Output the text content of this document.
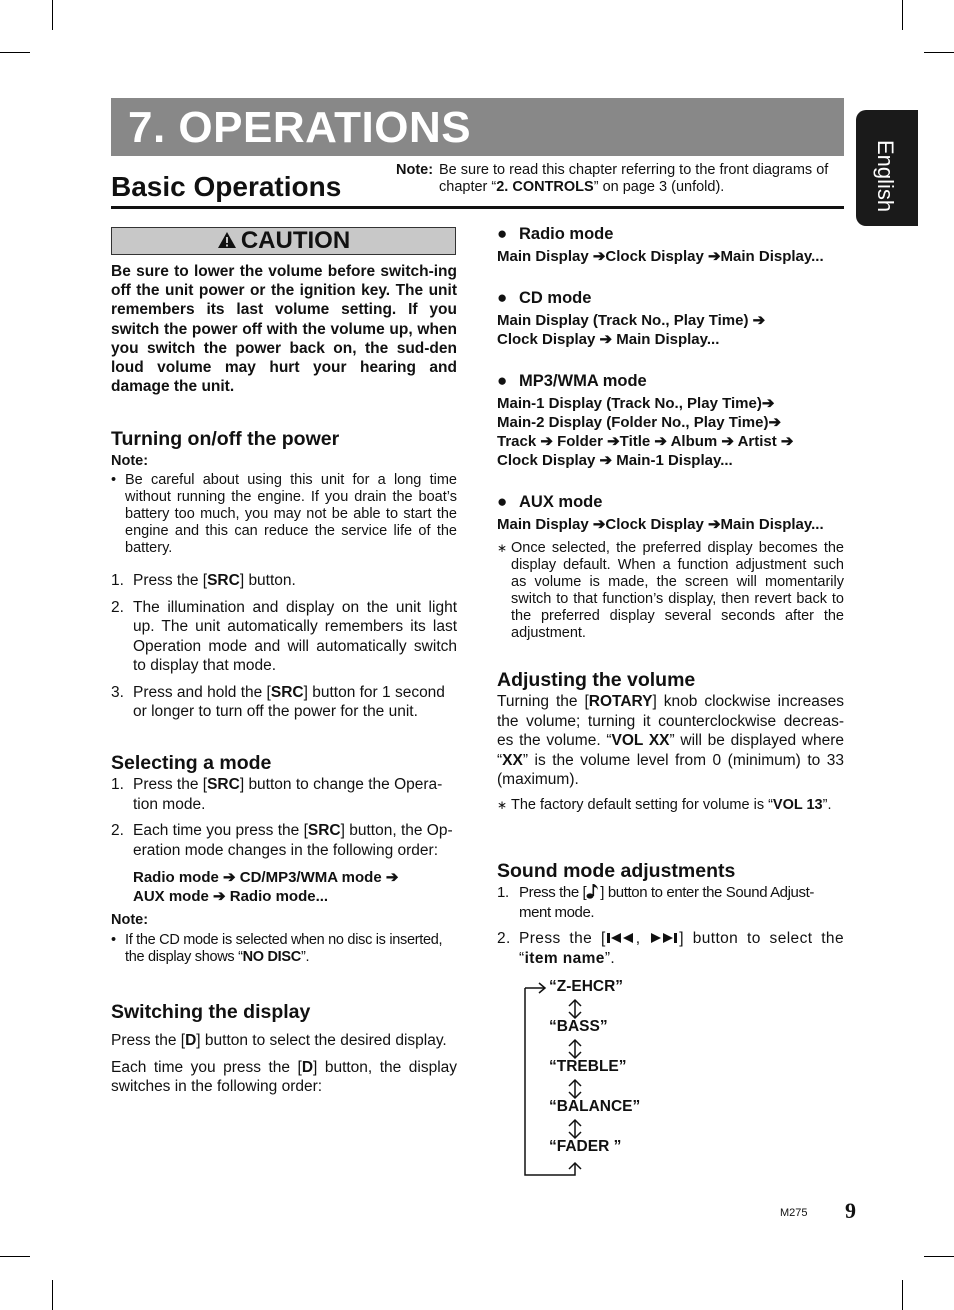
7. OPERATIONS
Basic Operations
Note: Be sure to read this chapter referring to the front diagrams of chapter “2. CONTROLS” on page 3 (unfold).	English
CAUTION
Be sure to lower the volume before switch-ing off the unit power or the ignition key. The unit remembers its last volume setting. If you switch the power off with the volume up, when you switch the power back on, the sud-den loud volume may hurt your hearing and damage the unit.
Turning on/off the power
Note:
• Be careful about using this unit for a long time without running the engine. If you drain the boat’s battery too much, you may not be able to start the engine and this can reduce the service life of the battery.
1. Press the [SRC] button.
2. The illumination and display on the unit light up. The unit automatically remembers its last Operation mode and will automatically switch to display that mode.
3. Press and hold the [SRC] button for 1 second or longer to turn off the power for the unit.
Selecting a mode
1. Press the [SRC] button to change the Opera-tion mode.
2. Each time you press the [SRC] button, the Op-eration mode changes in the following order:
Radio mode ➔ CD/MP3/WMA mode ➔
AUX mode ➔ Radio mode...
Note:
• If the CD mode is selected when no disc is inserted, the display shows “NO DISC”.
Switching the display
Press the [D] button to select the desired display.
Each time you press the [D] button, the display switches in the following order:
● Radio mode
Main Display ➔Clock Display ➔Main Display...
● CD mode
Main Display (Track No., Play Time) ➔
Clock Display ➔ Main Display...
● MP3/WMA mode
Main-1 Display (Track No., Play Time)➔
Main-2 Display (Folder No., Play Time)➔
Track ➔ Folder ➔Title ➔ Album ➔ Artist ➔
Clock Display ➔ Main-1 Display...
● AUX mode
Main Display ➔Clock Display ➔Main Display...
∗ Once selected, the preferred display becomes the display default. When a function adjustment such as volume is made, the screen will momentarily switch to that function’s display, then revert back to the preferred display several seconds after the adjustment.
Adjusting the volume
Turning the [ROTARY] knob clockwise increases the volume; turning it counterclockwise decreas-es the volume. “VOL XX” will be displayed where “XX” is the volume level from 0 (minimum) to 33 (maximum).
∗ The factory default setting for volume is “VOL 13”.
Sound mode adjustments
1. Press the [ ] button to enter the Sound Adjust-ment mode.
2. Press the [ , ] button to select the “item name”.
“Z-EHCR”
“BASS”
“TREBLE”
“BALANCE”
“FADER ”
M275 9
